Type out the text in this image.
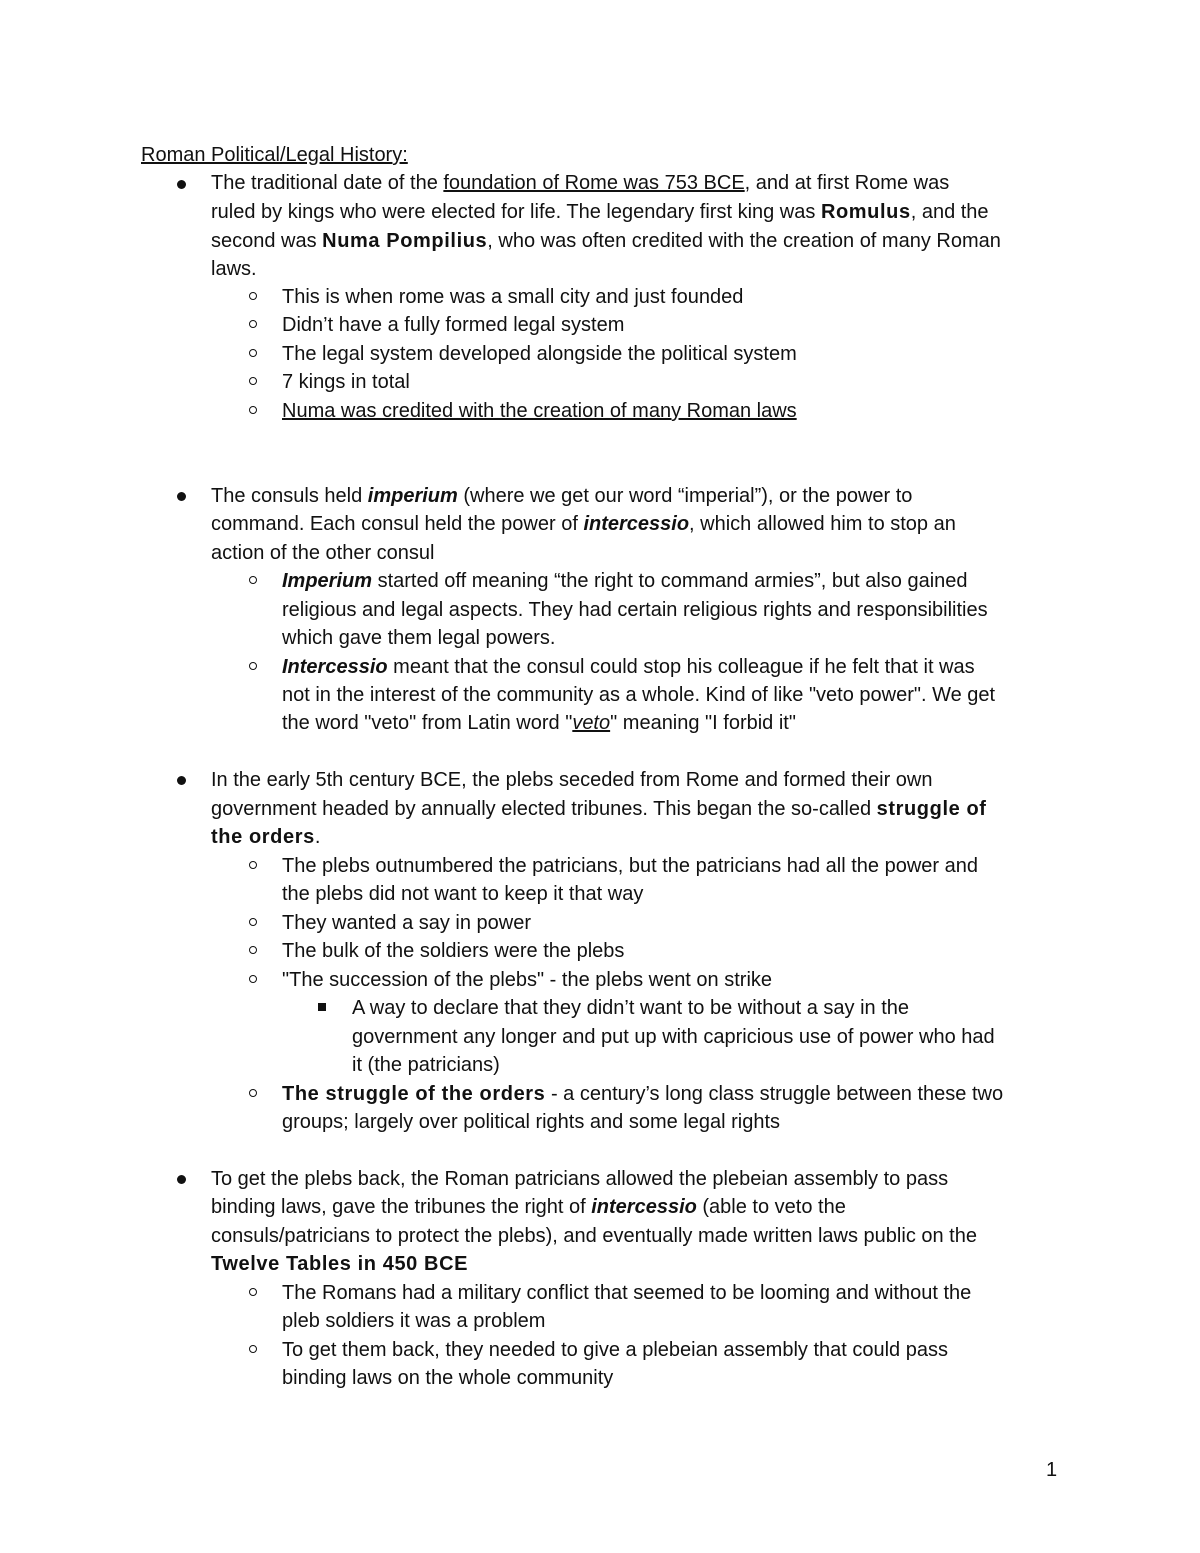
Roman Political/Legal History:
The traditional date of the foundation of Rome was 753 BCE, and at first Rome was
ruled by kings who were elected for life. The legendary first king was Romulus, and the
second was Numa Pompilius, who was often credited with the creation of many Roman
laws.
This is when rome was a small city and just founded
Didn’t have a fully formed legal system
The legal system developed alongside the political system
7 kings in total
Numa was credited with the creation of many Roman laws
The consuls held imperium (where we get our word “imperial”), or the power to
command. Each consul held the power of intercessio, which allowed him to stop an
action of the other consul
Imperium started off meaning “the right to command armies”, but also gained
religious and legal aspects. They had certain religious rights and responsibilities
which gave them legal powers.
Intercessio meant that the consul could stop his colleague if he felt that it was
not in the interest of the community as a whole. Kind of like "veto power". We get
the word "veto" from Latin word "veto" meaning "I forbid it"
In the early 5th century BCE, the plebs seceded from Rome and formed their own
government headed by annually elected tribunes. This began the so-called struggle of
the orders.
The plebs outnumbered the patricians, but the patricians had all the power and
the plebs did not want to keep it that way
They wanted a say in power
The bulk of the soldiers were the plebs
"The succession of the plebs" - the plebs went on strike
A way to declare that they didn’t want to be without a say in the
government any longer and put up with capricious use of power who had
it (the patricians)
The struggle of the orders - a century’s long class struggle between these two
groups; largely over political rights and some legal rights
To get the plebs back, the Roman patricians allowed the plebeian assembly to pass
binding laws, gave the tribunes the right of intercessio (able to veto the
consuls/patricians to protect the plebs), and eventually made written laws public on the
Twelve Tables in 450 BCE
The Romans had a military conflict that seemed to be looming and without the
pleb soldiers it was a problem
To get them back, they needed to give a plebeian assembly that could pass
binding laws on the whole community
1
